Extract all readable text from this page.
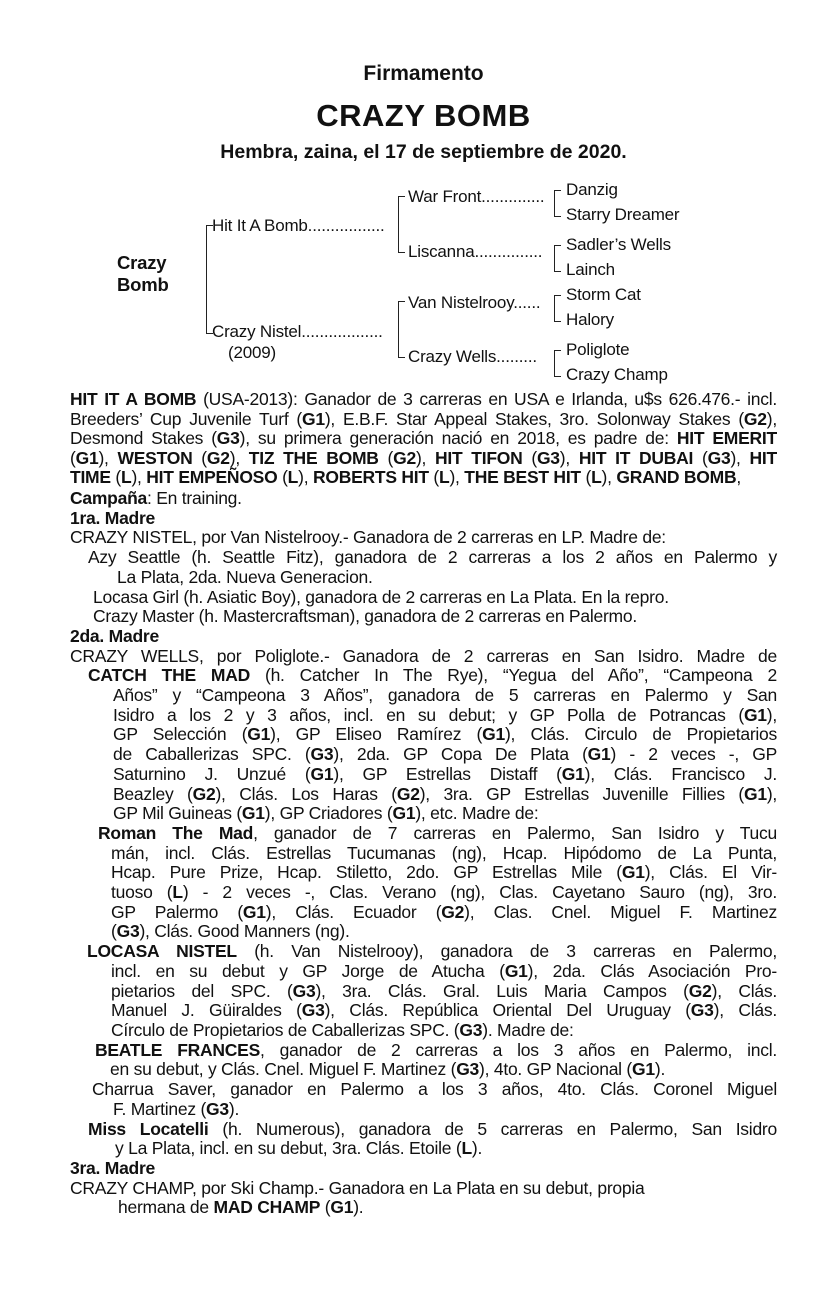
Firmamento
CRAZY BOMB
Hembra, zaina, el 17 de septiembre de 2020.
Crazy
Bomb
Hit It A Bomb.................
Crazy Nistel..................
(2009)
War Front..............
Liscanna...............
Van Nistelrooy......
Crazy Wells.........
Danzig
Starry Dreamer
Sadler’s Wells
Lainch
Storm Cat
Halory
Poliglote
Crazy Champ
HIT IT A BOMB (USA-2013): Ganador de 3 carreras en USA e Irlanda, u$s 626.476.- incl.
Breeders’ Cup Juvenile Turf (G1), E.B.F. Star Appeal Stakes, 3ro. Solonway Stakes (G2),
Desmond Stakes (G3), su primera generación nació en 2018, es padre de: HIT EMERIT
(G1), WESTON (G2), TIZ THE BOMB (G2), HIT TIFON (G3), HIT IT DUBAI (G3), HIT
TIME (L), HIT EMPEÑOSO (L), ROBERTS HIT (L), THE BEST HIT (L), GRAND BOMB,
Campaña: En training.
1ra. Madre
CRAZY NISTEL, por Van Nistelrooy.- Ganadora de 2 carreras en LP. Madre de:
Azy Seattle (h. Seattle Fitz), ganadora de 2 carreras a los 2 años en Palermo y
La Plata, 2da. Nueva Generacion.
Locasa Girl (h. Asiatic Boy), ganadora de 2 carreras en La Plata. En la repro.
Crazy Master (h. Mastercraftsman), ganadora de 2 carreras en Palermo.
2da. Madre
CRAZY WELLS, por Poliglote.- Ganadora de 2 carreras en San Isidro. Madre de
CATCH THE MAD (h. Catcher In The Rye), “Yegua del Año”, “Campeona 2
Años” y “Campeona 3 Años”, ganadora de 5 carreras en Palermo y San
Isidro a los 2 y 3 años, incl. en su debut; y GP Polla de Potrancas (G1),
GP Selección (G1), GP Eliseo Ramírez (G1), Clás. Circulo de Propietarios
de Caballerizas SPC. (G3), 2da. GP Copa De Plata (G1) - 2 veces -, GP
Saturnino J. Unzué (G1), GP Estrellas Distaff (G1), Clás. Francisco J.
Beazley (G2), Clás. Los Haras (G2), 3ra. GP Estrellas Juvenille Fillies (G1),
GP Mil Guineas (G1), GP Criadores (G1), etc. Madre de:
Roman The Mad, ganador de 7 carreras en Palermo, San Isidro y Tucu
mán, incl. Clás. Estrellas Tucumanas (ng), Hcap. Hipódomo de La Punta,
Hcap. Pure Prize, Hcap. Stiletto, 2do. GP Estrellas Mile (G1), Clás. El Vir-
tuoso (L) - 2 veces -, Clas. Verano (ng), Clas. Cayetano Sauro (ng), 3ro.
GP Palermo (G1), Clás. Ecuador (G2), Clas. Cnel. Miguel F. Martinez
(G3), Clás. Good Manners (ng).
LOCASA NISTEL (h. Van Nistelrooy), ganadora de 3 carreras en Palermo,
incl. en su debut y GP Jorge de Atucha (G1), 2da. Clás Asociación Pro-
pietarios del SPC. (G3), 3ra. Clás. Gral. Luis Maria Campos (G2), Clás.
Manuel J. Güiraldes (G3), Clás. República Oriental Del Uruguay (G3), Clás.
Círculo de Propietarios de Caballerizas SPC. (G3). Madre de:
BEATLE FRANCES, ganador de 2 carreras a los 3 años en Palermo, incl.
en su debut, y Clás. Cnel. Miguel F. Martinez (G3), 4to. GP Nacional (G1).
Charrua Saver, ganador en Palermo a los 3 años, 4to. Clás. Coronel Miguel
F. Martinez (G3).
Miss Locatelli (h. Numerous), ganadora de 5 carreras en Palermo, San Isidro
y La Plata, incl. en su debut, 3ra. Clás. Etoile (L).
3ra. Madre
CRAZY CHAMP, por Ski Champ.- Ganadora en La Plata en su debut, propia
hermana de MAD CHAMP (G1).
